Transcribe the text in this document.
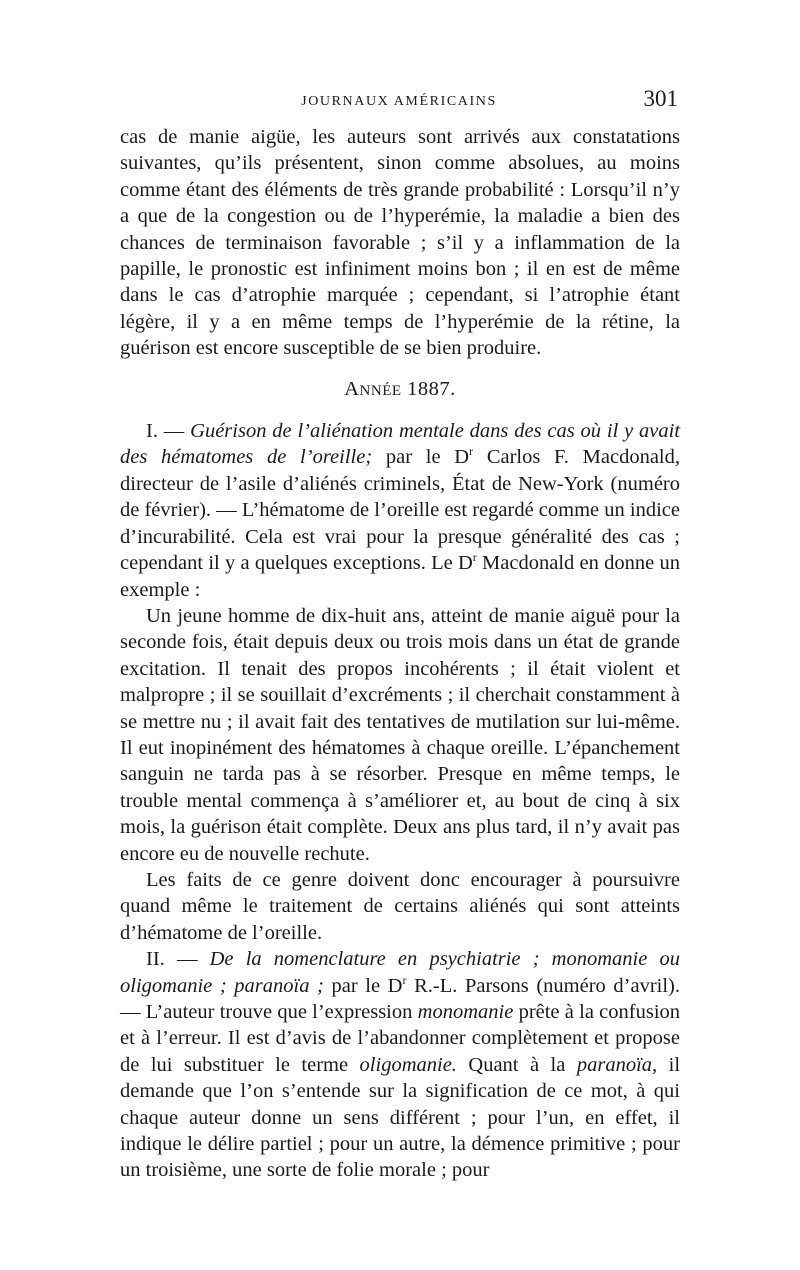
JOURNAUX AMÉRICAINS	301

cas de manie aigüe, les auteurs sont arrivés aux constatations suivantes, qu’ils présentent, sinon comme absolues, au moins comme étant des éléments de très grande probabilité : Lorsqu’il n’y a que de la congestion ou de l’hyperémie, la maladie a bien des chances de terminaison favorable ; s’il y a inflammation de la papille, le pronostic est infiniment moins bon ; il en est de même dans le cas d’atrophie marquée ; cependant, si l’atrophie étant légère, il y a en même temps de l’hyperémie de la rétine, la guérison est encore susceptible de se bien produire.

ANNÉE 1887.

I. — Guérison de l’aliénation mentale dans des cas où il y avait des hématomes de l’oreille; par le $D^r$ Carlos F. Macdonald, directeur de l’asile d’aliénés criminels, État de New-York (numéro de février). — L’hématome de l’oreille est regardé comme un indice d’incurabilité. Cela est vrai pour la presque généralité des cas ; cependant il y a quelques exceptions. Le $D^r$ Macdonald en donne un exemple :

Un jeune homme de dix-huit ans, atteint de manie aiguë pour la seconde fois, était depuis deux ou trois mois dans un état de grande excitation. Il tenait des propos incohérents ; il était violent et malpropre ; il se souillait d’excréments ; il cherchait constamment à se mettre nu ; il avait fait des tentatives de mutilation sur lui-même. Il eut inopinément des hématomes à chaque oreille. L’épanchement sanguin ne tarda pas à se résorber. Presque en même temps, le trouble mental commença à s’améliorer et, au bout de cinq à six mois, la guérison était complète. Deux ans plus tard, il n’y avait pas encore eu de nouvelle rechute.

Les faits de ce genre doivent donc encourager à poursuivre quand même le traitement de certains aliénés qui sont atteints d’hématome de l’oreille.

II. — De la nomenclature en psychiatrie ; monomanie ou oligomanie ; paranoïa ; par le $D^r$ R.-L. Parsons (numéro d’avril). — L’auteur trouve que l’expression monomanie prête à la confusion et à l’erreur. Il est d’avis de l’abandonner complètement et propose de lui substituer le terme oligomanie. Quant à la paranoïa, il demande que l’on s’entende sur la signification de ce mot, à qui chaque auteur donne un sens différent ; pour l’un, en effet, il indique le délire partiel ; pour un autre, la démence primitive ; pour un troisième, une sorte de folie morale ; pour
